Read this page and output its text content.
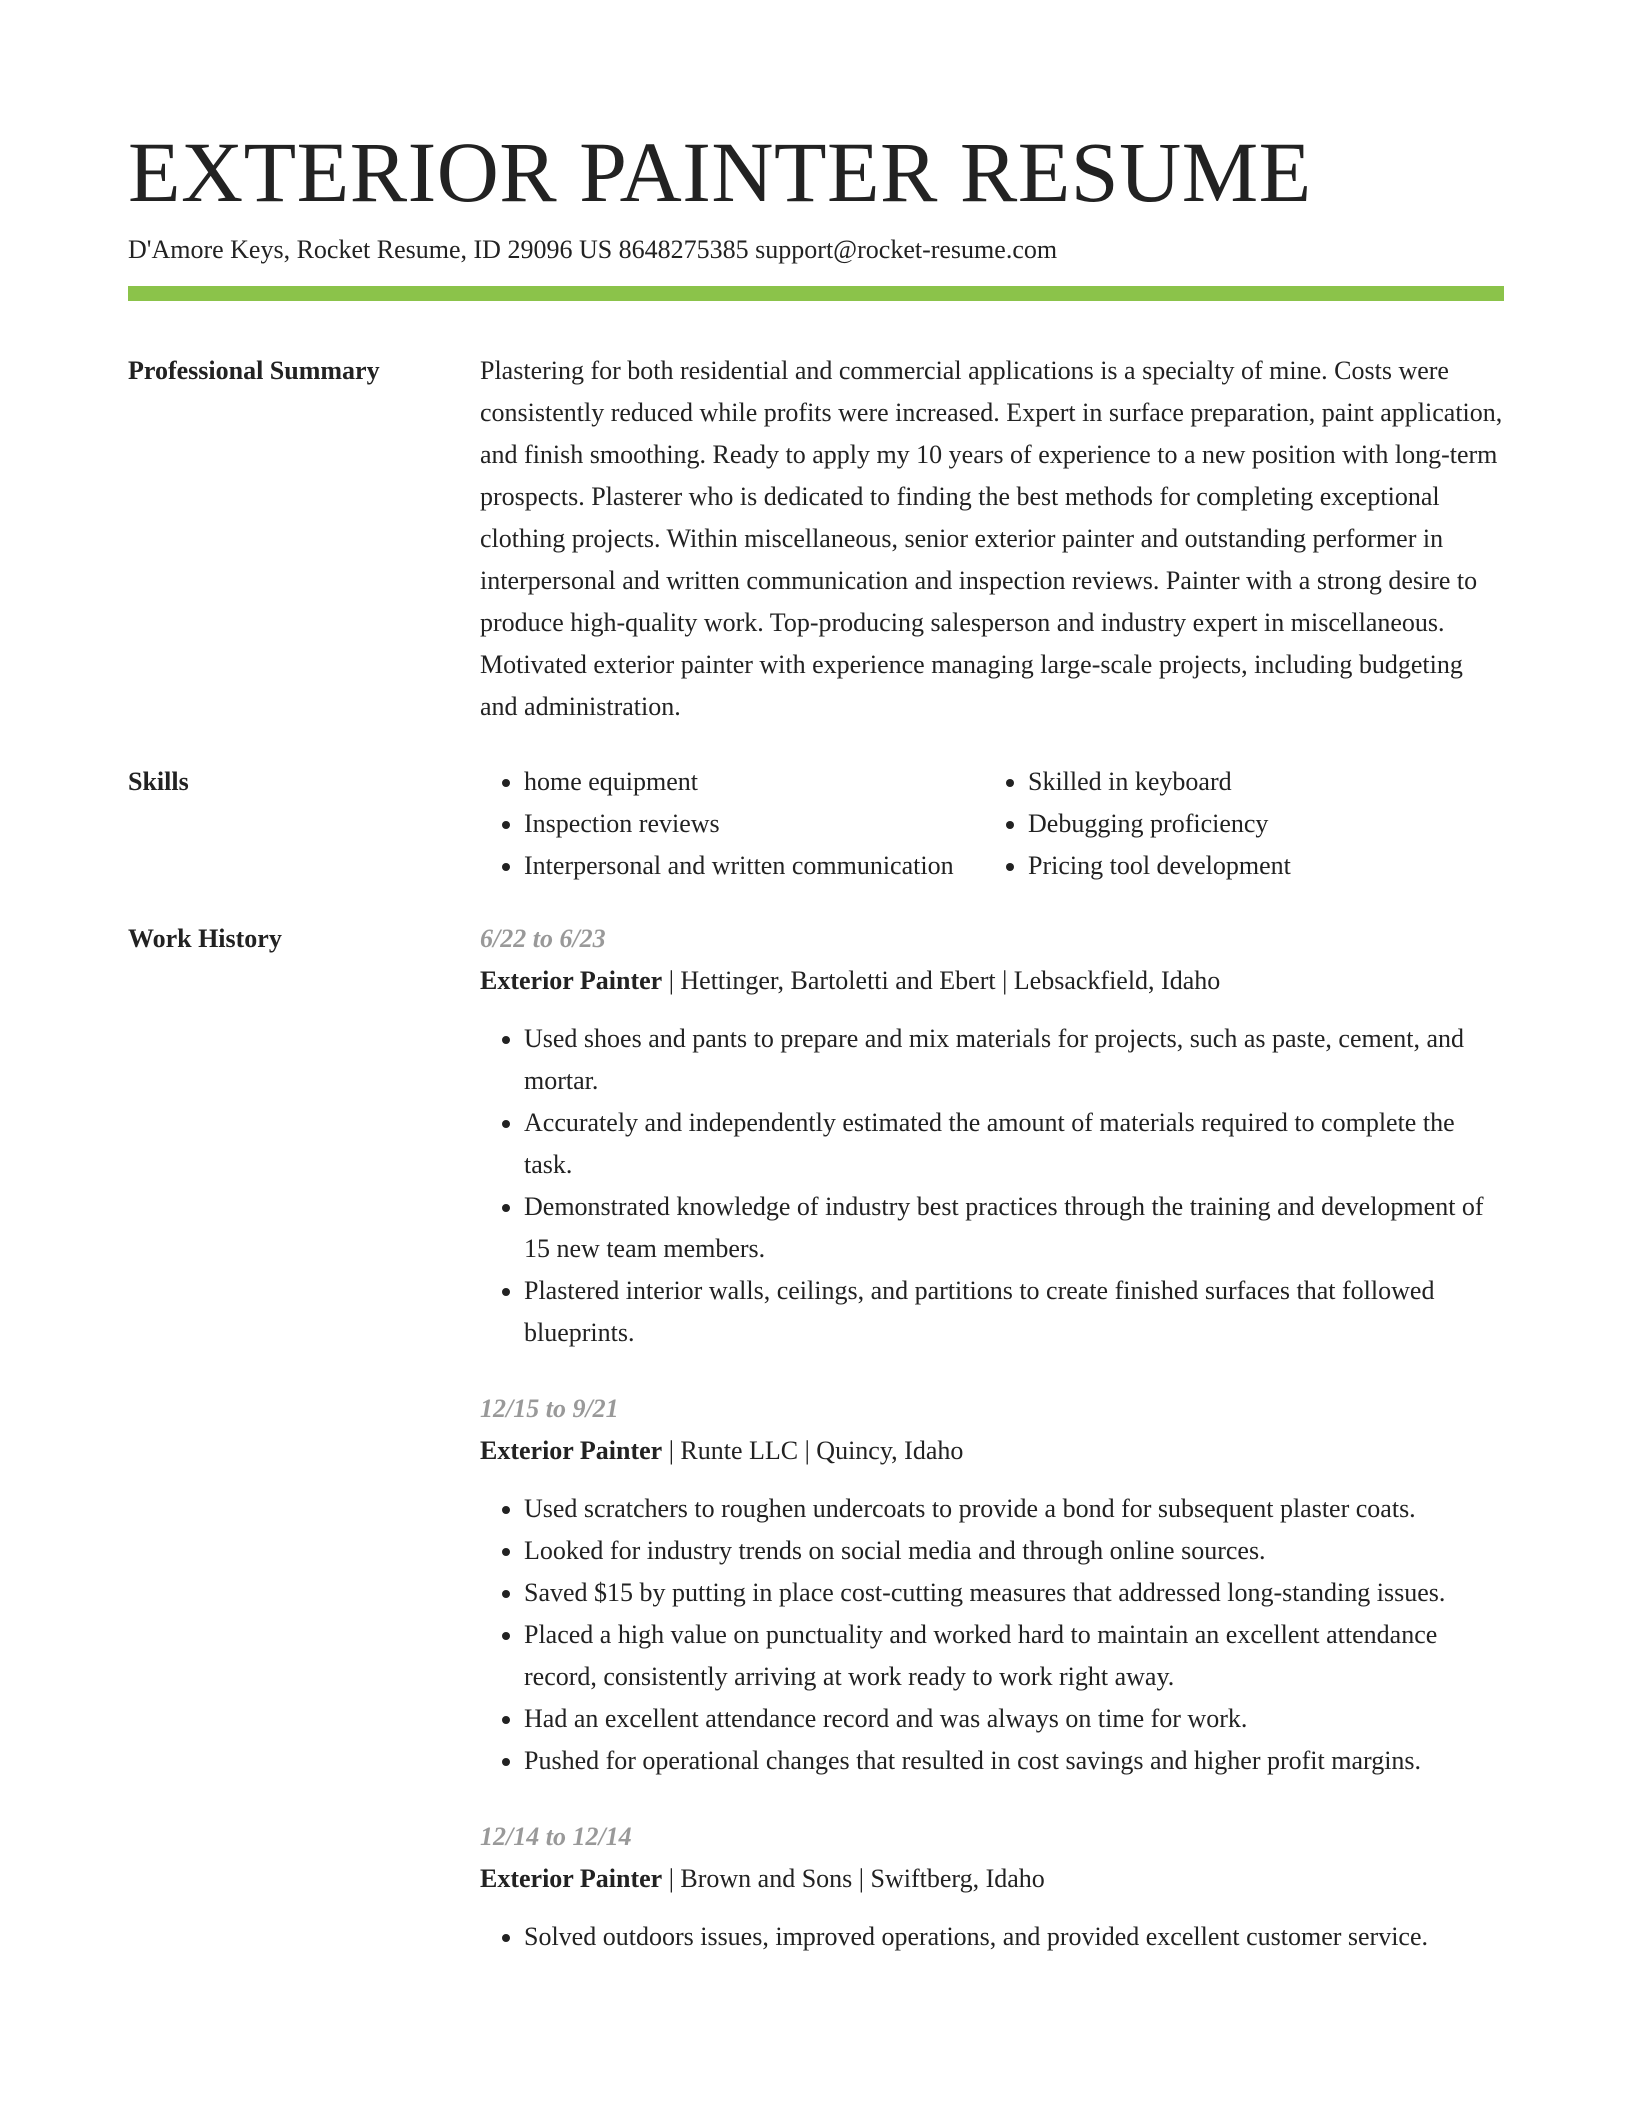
EXTERIOR PAINTER RESUME
D'Amore Keys, Rocket Resume, ID 29096 US 8648275385 support@rocket-resume.com
Professional Summary	Plastering for both residential and commercial applications is a specialty of mine. Costs were consistently reduced while profits were increased. Expert in surface preparation, paint application, and finish smoothing. Ready to apply my 10 years of experience to a new position with long-term prospects. Plasterer who is dedicated to finding the best methods for completing exceptional clothing projects. Within miscellaneous, senior exterior painter and outstanding performer in interpersonal and written communication and inspection reviews. Painter with a strong desire to produce high-quality work. Top-producing salesperson and industry expert in miscellaneous. Motivated exterior painter with experience managing large-scale projects, including budgeting and administration.

Skills
•	home equipment
• Inspection reviews
• Interpersonal and written communication
• Skilled in keyboard
• Debugging proficiency
• Pricing tool development
Work History	6/22 to 6/23
Exterior Painter | Hettinger, Bartoletti and Ebert | Lebsackfield, Idaho
• Used shoes and pants to prepare and mix materials for projects, such as paste, cement, and mortar.
• Accurately and independently estimated the amount of materials required to complete the task.
• Demonstrated knowledge of industry best practices through the training and development of 15 new team members.
• Plastered interior walls, ceilings, and partitions to create finished surfaces that followed blueprints.
12/15 to 9/21
Exterior Painter | Runte LLC | Quincy, Idaho
• Used scratchers to roughen undercoats to provide a bond for subsequent plaster coats.
• Looked for industry trends on social media and through online sources.
• Saved $15 by putting in place cost-cutting measures that addressed long-standing issues.
• Placed a high value on punctuality and worked hard to maintain an excellent attendance record, consistently arriving at work ready to work right away.
• Had an excellent attendance record and was always on time for work.
• Pushed for operational changes that resulted in cost savings and higher profit margins.
12/14 to 12/14
Exterior Painter | Brown and Sons | Swiftberg, Idaho
• Solved outdoors issues, improved operations, and provided excellent customer service.
